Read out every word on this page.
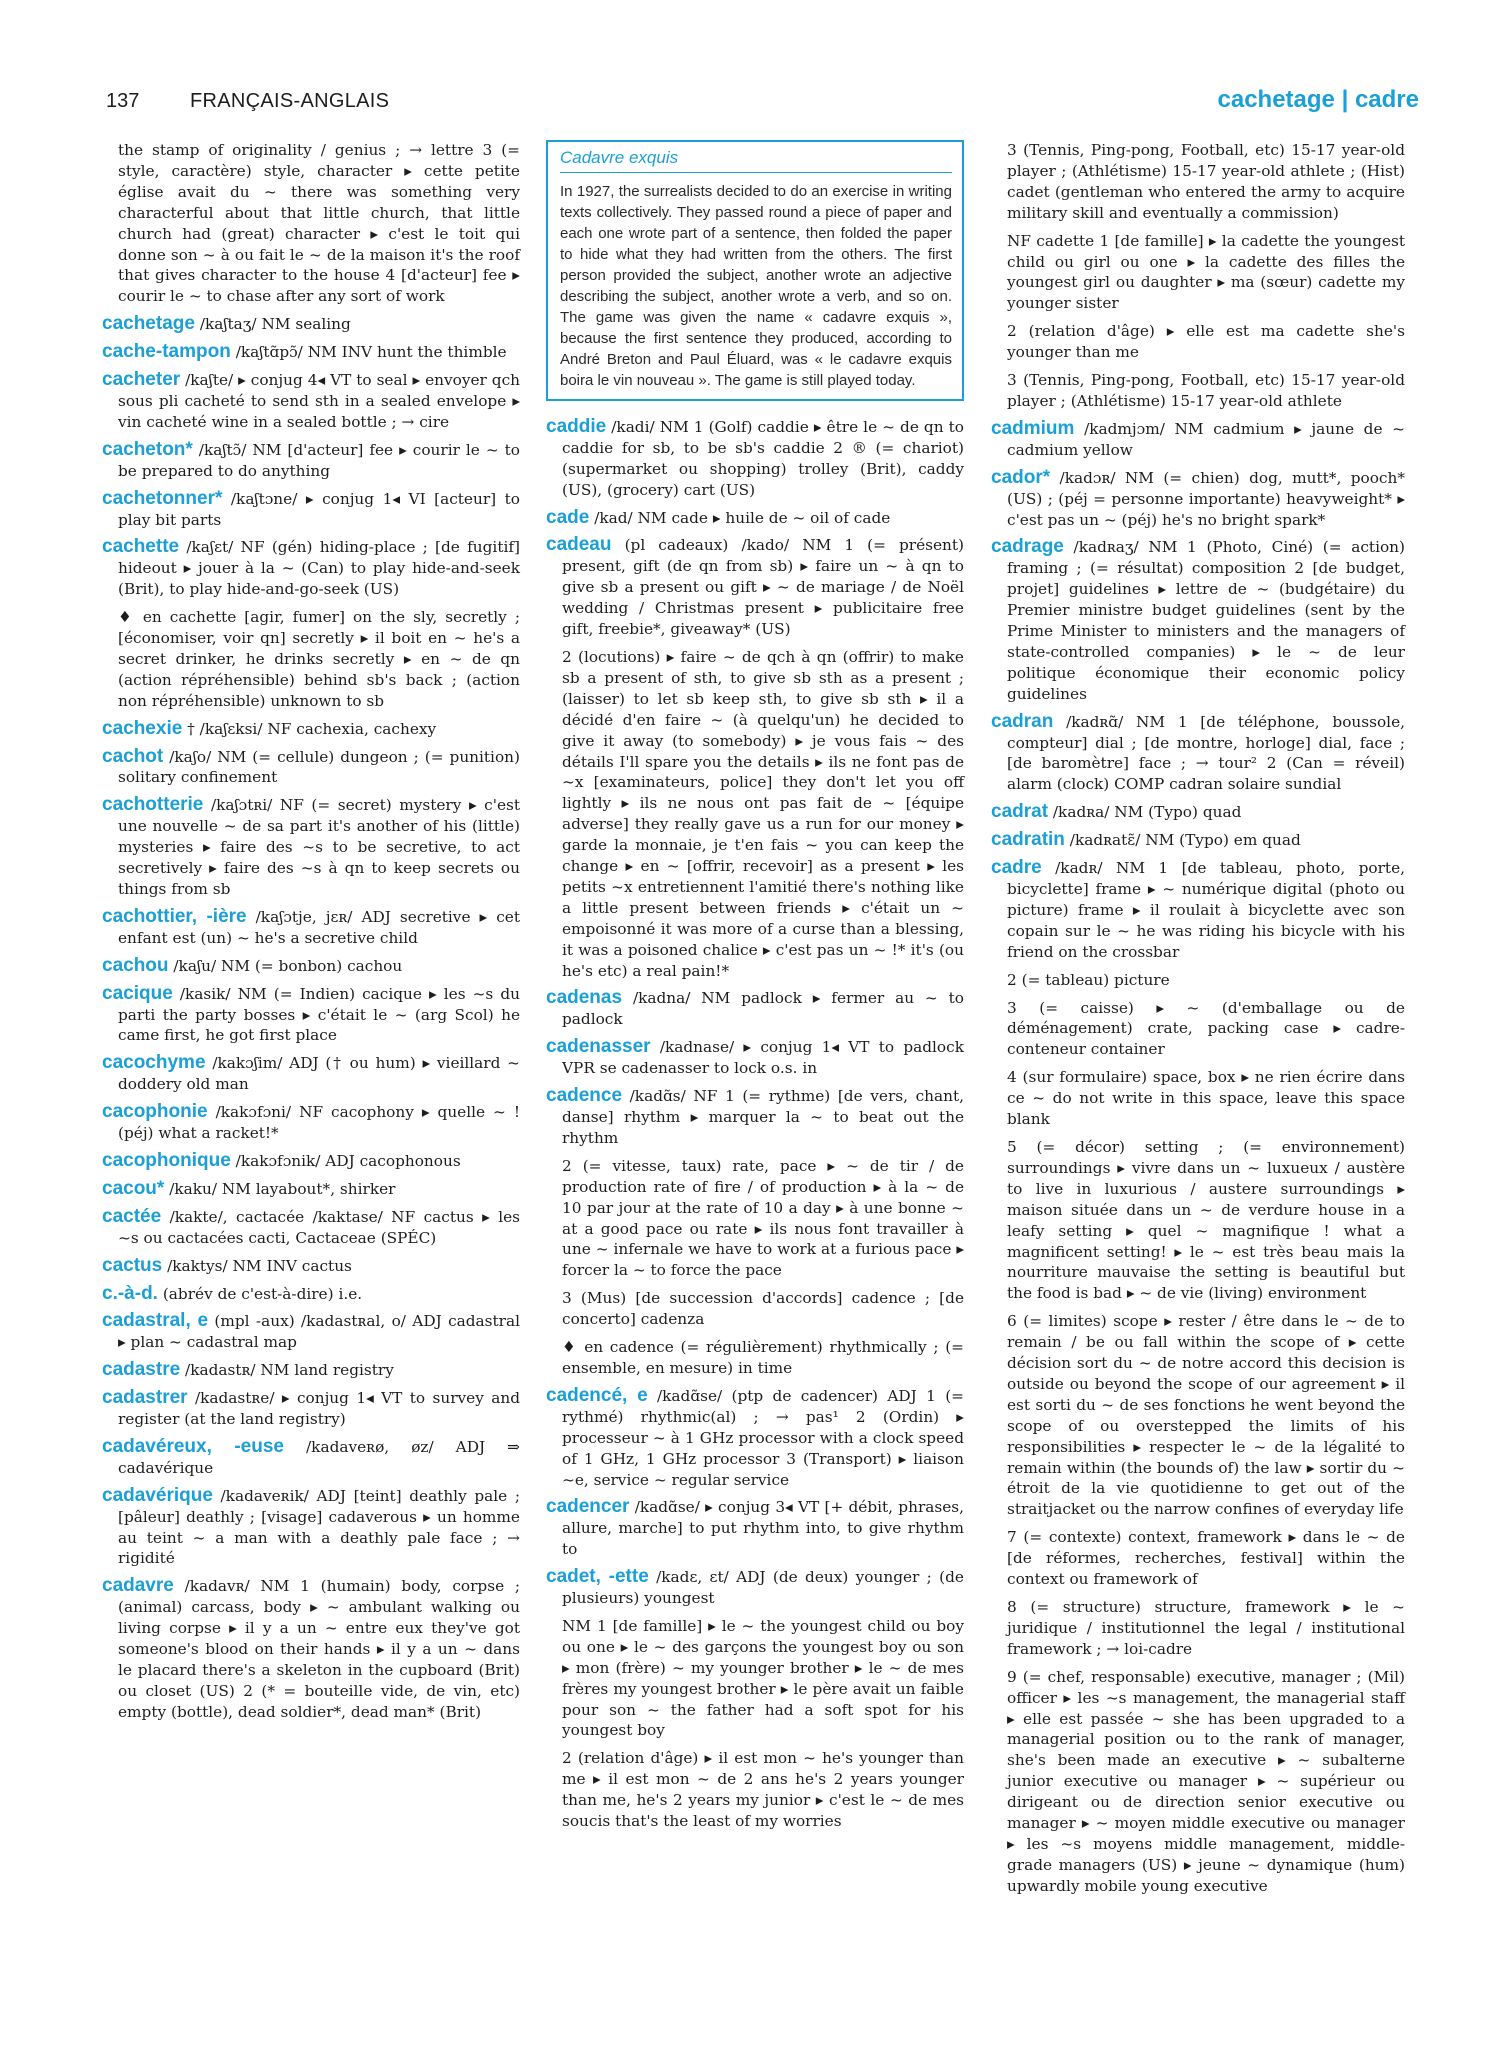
137	FRANÇAIS-ANGLAIS	cachetage | cadre

the stamp of originality / genius ; → lettre 3 (= style, caractère) style, character ▸ cette petite église avait du ~ there was something very characterful about that little church, that little church had (great) character ▸ c'est le toit qui donne son ~ à ou fait le ~ de la maison it's the roof that gives character to the house 4 [d'acteur] fee ▸ courir le ~ to chase after any sort of work

cachetage /kaʃtaʒ/ NM sealing

cache-tampon /kaʃtɑ̃pɔ̃/ NM INV hunt the thimble

cacheter /kaʃte/ ▸ conjug 4◂ VT to seal ▸ envoyer qch sous pli cacheté to send sth in a sealed envelope ▸ vin cacheté wine in a sealed bottle ; → cire

cacheton* /kaʃtɔ̃/ NM [d'acteur] fee ▸ courir le ~ to be prepared to do anything

cachetonner* /kaʃtɔne/ ▸ conjug 1◂ VI [acteur] to play bit parts

cachette /kaʃɛt/ NF (gén) hiding-place ; [de fugitif] hideout ▸ jouer à la ~ (Can) to play hide-and-seek (Brit), to play hide-and-go-seek (US)

♦ en cachette [agir, fumer] on the sly, secretly ; [économiser, voir qn] secretly ▸ il boit en ~ he's a secret drinker, he drinks secretly ▸ en ~ de qn (action répréhensible) behind sb's back ; (action non répréhensible) unknown to sb

cachexie † /kaʃɛksi/ NF cachexia, cachexy

cachot /kaʃo/ NM (= cellule) dungeon ; (= punition) solitary confinement

cachotterie /kaʃɔtʀi/ NF (= secret) mystery ▸ c'est une nouvelle ~ de sa part it's another of his (little) mysteries ▸ faire des ~s to be secretive, to act secretively ▸ faire des ~s à qn to keep secrets ou things from sb

cachottier, -ière /kaʃɔtje, jɛʀ/ ADJ secretive ▸ cet enfant est (un) ~ he's a secretive child

cachou /kaʃu/ NM (= bonbon) cachou

cacique /kasik/ NM (= Indien) cacique ▸ les ~s du parti the party bosses ▸ c'était le ~ (arg Scol) he came first, he got first place

cacochyme /kakɔʃim/ ADJ († ou hum) ▸ vieillard ~ doddery old man

cacophonie /kakɔfɔni/ NF cacophony ▸ quelle ~ ! (péj) what a racket!*

cacophonique /kakɔfɔnik/ ADJ cacophonous

cacou* /kaku/ NM layabout*, shirker

cactée /kakte/, cactacée /kaktase/ NF cactus ▸ les ~s ou cactacées cacti, Cactaceae (SPÉC)

cactus /kaktys/ NM INV cactus

c.-à-d. (abrév de c'est-à-dire) i.e.

cadastral, e (mpl -aux) /kadastʀal, o/ ADJ cadastral ▸ plan ~ cadastral map

cadastre /kadastʀ/ NM land registry

cadastrer /kadastʀe/ ▸ conjug 1◂ VT to survey and register (at the land registry)

cadavéreux, -euse /kadaveʀø, øz/ ADJ ⇒ cadavérique

cadavérique /kadaveʀik/ ADJ [teint] deathly pale ; [pâleur] deathly ; [visage] cadaverous ▸ un homme au teint ~ a man with a deathly pale face ; → rigidité

cadavre /kadavʀ/ NM 1 (humain) body, corpse ; (animal) carcass, body ▸ ~ ambulant walking ou living corpse ▸ il y a un ~ entre eux they've got someone's blood on their hands ▸ il y a un ~ dans le placard there's a skeleton in the cupboard (Brit) ou closet (US) 2 (* = bouteille vide, de vin, etc) empty (bottle), dead soldier*, dead man* (Brit)

Cadavre exquis
In 1927, the surrealists decided to do an exercise in writing texts collectively. They passed round a piece of paper and each one wrote part of a sentence, then folded the paper to hide what they had written from the others. The first person provided the subject, another wrote an adjective describing the subject, another wrote a verb, and so on. The game was given the name « cadavre exquis », because the first sentence they produced, according to André Breton and Paul Éluard, was « le cadavre exquis boira le vin nouveau ». The game is still played today.

caddie /kadi/ NM 1 (Golf) caddie ▸ être le ~ de qn to caddie for sb, to be sb's caddie 2 ® (= chariot) (supermarket ou shopping) trolley (Brit), caddy (US), (grocery) cart (US)

cade /kad/ NM cade ▸ huile de ~ oil of cade

cadeau (pl cadeaux) /kado/ NM 1 (= présent) present, gift (de qn from sb) ▸ faire un ~ à qn to give sb a present ou gift ▸ ~ de mariage / de Noël wedding / Christmas present ▸ publicitaire free gift, freebie*, giveaway* (US)

2 (locutions) ▸ faire ~ de qch à qn (offrir) to make sb a present of sth, to give sb sth as a present ; (laisser) to let sb keep sth, to give sb sth ▸ il a décidé d'en faire ~ (à quelqu'un) he decided to give it away (to somebody) ▸ je vous fais ~ des détails I'll spare you the details ▸ ils ne font pas de ~x [examinateurs, police] they don't let you off lightly ▸ ils ne nous ont pas fait de ~ [équipe adverse] they really gave us a run for our money ▸ garde la monnaie, je t'en fais ~ you can keep the change ▸ en ~ [offrir, recevoir] as a present ▸ les petits ~x entretiennent l'amitié there's nothing like a little present between friends ▸ c'était un ~ empoisonné it was more of a curse than a blessing, it was a poisoned chalice ▸ c'est pas un ~ !* it's (ou he's etc) a real pain!*

cadenas /kadna/ NM padlock ▸ fermer au ~ to padlock

cadenasser /kadnase/ ▸ conjug 1◂ VT to padlock VPR se cadenasser to lock o.s. in

cadence /kadɑ̃s/ NF 1 (= rythme) [de vers, chant, danse] rhythm ▸ marquer la ~ to beat out the rhythm

2 (= vitesse, taux) rate, pace ▸ ~ de tir / de production rate of fire / of production ▸ à la ~ de 10 par jour at the rate of 10 a day ▸ à une bonne ~ at a good pace ou rate ▸ ils nous font travailler à une ~ infernale we have to work at a furious pace ▸ forcer la ~ to force the pace

3 (Mus) [de succession d'accords] cadence ; [de concerto] cadenza

♦ en cadence (= régulièrement) rhythmically ; (= ensemble, en mesure) in time

cadencé, e /kadɑ̃se/ (ptp de cadencer) ADJ 1 (= rythmé) rhythmic(al) ; → pas¹ 2 (Ordin) ▸ processeur ~ à 1 GHz processor with a clock speed of 1 GHz, 1 GHz processor 3 (Transport) ▸ liaison ~e, service ~ regular service

cadencer /kadɑ̃se/ ▸ conjug 3◂ VT [+ débit, phrases, allure, marche] to put rhythm into, to give rhythm to

cadet, -ette /kadɛ, ɛt/ ADJ (de deux) younger ; (de plusieurs) youngest

NM 1 [de famille] ▸ le ~ the youngest child ou boy ou one ▸ le ~ des garçons the youngest boy ou son ▸ mon (frère) ~ my younger brother ▸ le ~ de mes frères my youngest brother ▸ le père avait un faible pour son ~ the father had a soft spot for his youngest boy

2 (relation d'âge) ▸ il est mon ~ he's younger than me ▸ il est mon ~ de 2 ans he's 2 years younger than me, he's 2 years my junior ▸ c'est le ~ de mes soucis that's the least of my worries

3 (Tennis, Ping-pong, Football, etc) 15-17 year-old player ; (Athlétisme) 15-17 year-old athlete ; (Hist) cadet (gentleman who entered the army to acquire military skill and eventually a commission)

NF cadette 1 [de famille] ▸ la cadette the youngest child ou girl ou one ▸ la cadette des filles the youngest girl ou daughter ▸ ma (sœur) cadette my younger sister

2 (relation d'âge) ▸ elle est ma cadette she's younger than me

3 (Tennis, Ping-pong, Football, etc) 15-17 year-old player ; (Athlétisme) 15-17 year-old athlete

cadmium /kadmjɔm/ NM cadmium ▸ jaune de ~ cadmium yellow

cador* /kadɔʀ/ NM (= chien) dog, mutt*, pooch* (US) ; (péj = personne importante) heavyweight* ▸ c'est pas un ~ (péj) he's no bright spark*

cadrage /kadʀaʒ/ NM 1 (Photo, Ciné) (= action) framing ; (= résultat) composition 2 [de budget, projet] guidelines ▸ lettre de ~ (budgétaire) du Premier ministre budget guidelines (sent by the Prime Minister to ministers and the managers of state-controlled companies) ▸ le ~ de leur politique économique their economic policy guidelines

cadran /kadʀɑ̃/ NM 1 [de téléphone, boussole, compteur] dial ; [de montre, horloge] dial, face ; [de baromètre] face ; → tour² 2 (Can = réveil) alarm (clock) COMP cadran solaire sundial

cadrat /kadʀa/ NM (Typo) quad

cadratin /kadʀatɛ̃/ NM (Typo) em quad

cadre /kadʀ/ NM 1 [de tableau, photo, porte, bicyclette] frame ▸ ~ numérique digital (photo ou picture) frame ▸ il roulait à bicyclette avec son copain sur le ~ he was riding his bicycle with his friend on the crossbar

2 (= tableau) picture

3 (= caisse) ▸ ~ (d'emballage ou de déménagement) crate, packing case ▸ cadre-conteneur container

4 (sur formulaire) space, box ▸ ne rien écrire dans ce ~ do not write in this space, leave this space blank

5 (= décor) setting ; (= environnement) surroundings ▸ vivre dans un ~ luxueux / austère to live in luxurious / austere surroundings ▸ maison située dans un ~ de verdure house in a leafy setting ▸ quel ~ magnifique ! what a magnificent setting! ▸ le ~ est très beau mais la nourriture mauvaise the setting is beautiful but the food is bad ▸ ~ de vie (living) environment

6 (= limites) scope ▸ rester / être dans le ~ de to remain / be ou fall within the scope of ▸ cette décision sort du ~ de notre accord this decision is outside ou beyond the scope of our agreement ▸ il est sorti du ~ de ses fonctions he went beyond the scope of ou overstepped the limits of his responsibilities ▸ respecter le ~ de la légalité to remain within (the bounds of) the law ▸ sortir du ~ étroit de la vie quotidienne to get out of the straitjacket ou the narrow confines of everyday life

7 (= contexte) context, framework ▸ dans le ~ de [de réformes, recherches, festival] within the context ou framework of

8 (= structure) structure, framework ▸ le ~ juridique / institutionnel the legal / institutional framework ; → loi-cadre

9 (= chef, responsable) executive, manager ; (Mil) officer ▸ les ~s management, the managerial staff ▸ elle est passée ~ she has been upgraded to a managerial position ou to the rank of manager, she's been made an executive ▸ ~ subalterne junior executive ou manager ▸ ~ supérieur ou dirigeant ou de direction senior executive ou manager ▸ ~ moyen middle executive ou manager ▸ les ~s moyens middle management, middle-grade managers (US) ▸ jeune ~ dynamique (hum) upwardly mobile young executive
